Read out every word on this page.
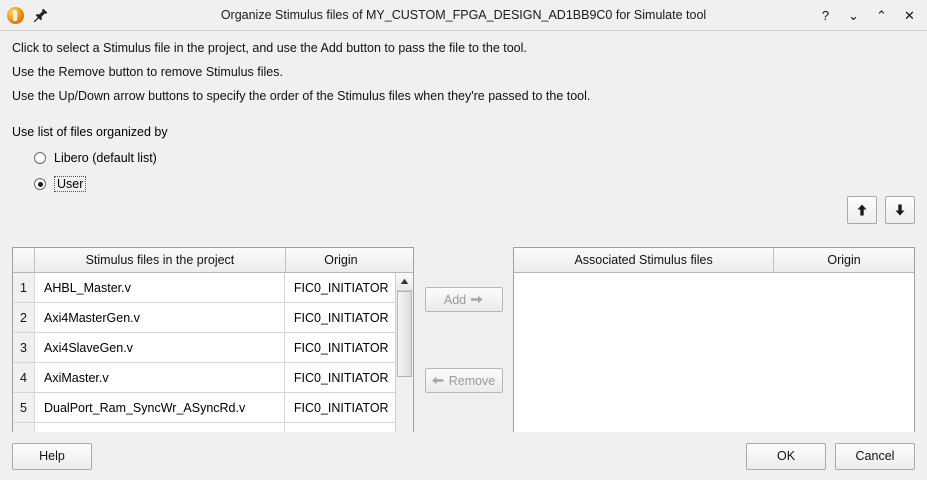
Organize Stimulus files of MY_CUSTOM_FPGA_DESIGN_AD1BB9C0 for Simulate tool	? ⌄ ⌃ ✕
Click to select a Stimulus file in the project, and use the Add button to pass the file to the tool.
Use the Remove button to remove Stimulus files.
Use the Up/Down arrow buttons to specify the order of the Stimulus files when they're passed to the tool.
Use list of files organized by
Libero (default list)
User
Stimulus files in the project	Origin
1	AHBL_Master.v	FIC0_INITIATOR
2	Axi4MasterGen.v	FIC0_INITIATOR
3	Axi4SlaveGen.v	FIC0_INITIATOR
4	AxiMaster.v	FIC0_INITIATOR
5	DualPort_Ram_SyncWr_ASyncRd.v	FIC0_INITIATOR
Add
Remove
Associated Stimulus files	Origin
Help	OK	Cancel
